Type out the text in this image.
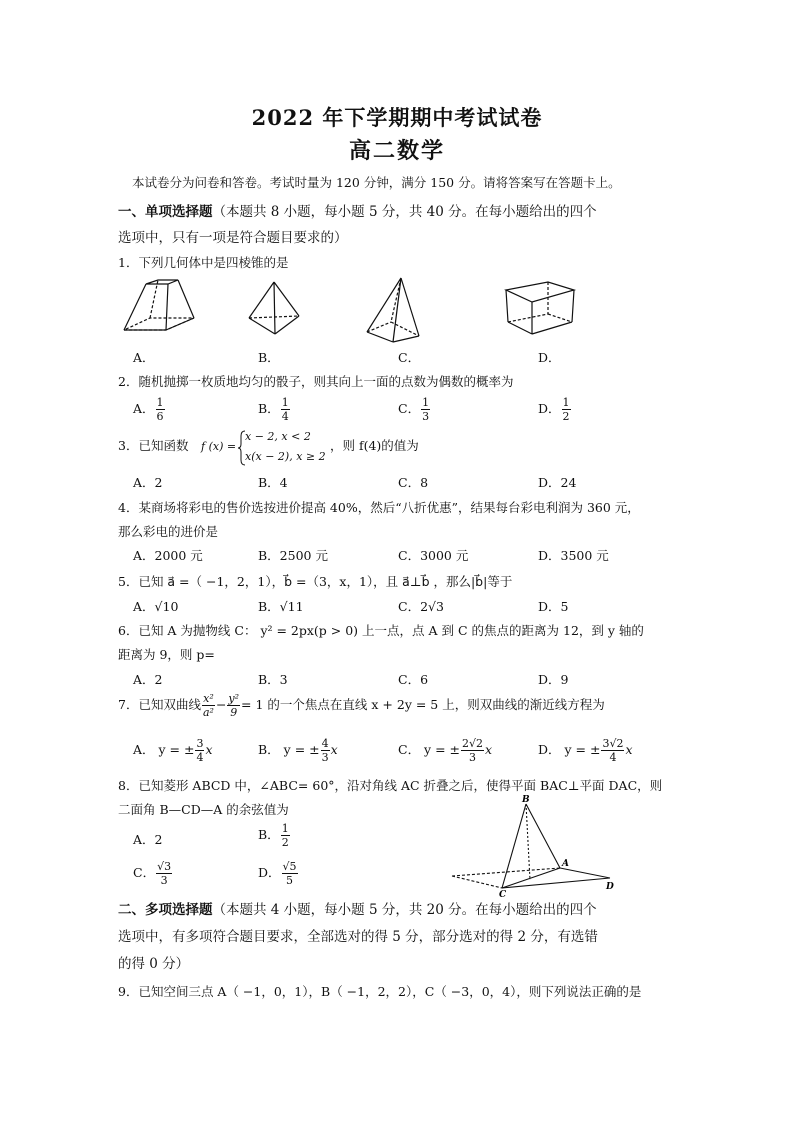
2022 年下学期期中考试试卷
高二数学
本试卷分为问卷和答卷。考试时量为 120 分钟，满分 150 分。请将答案写在答题卡上。
一、单项选择题（本题共 8 小题，每小题 5 分，共 40 分。在每小题给出的四个
选项中，只有一项是符合题目要求的）
1．下列几何体中是四棱锥的是
A．	B．	C．	D．
2．随机抛掷一枚质地均匀的骰子，则其向上一面的点数为偶数的概率为
A． $\frac{1}{6}$	B． $\frac{1}{4}$	C． $\frac{1}{3}$	D． $\frac{1}{2}$
3．已知函数 f (x) =
x − 2, x < 2
x(x − 2), x ≥ 2
，则 f(4)的值为
A．2	B．4	C．8	D．24
4．某商场将彩电的售价选按进价提高 40%，然后“八折优惠”，结果每台彩电利润为 360 元，
那么彩电的进价是
A．2000 元	B．2500 元	C．3000 元	D．3500 元
5．已知 a⃗ =（ −1，2，1），b⃗ =（3，x，1），且 a⃗⊥b⃗ ，那么|b⃗|等于
A．√10	B．√11	C．2√3	D．5
6．已知 A 为抛物线 C： y² = 2px(p > 0) 上一点，点 A 到 C 的焦点的距离为 12，到 y 轴的
距离为 9，则 p=
A．2	B．3	C．6	D．9
7．已知双曲线 $\frac{\text{x²}}{\text{a²}} - \frac{\text{y²}}{9} = 1$ 的一个焦点在直线 x + 2y = 5 上，则双曲线的渐近线方程为
A． y = ± $\frac{3}{4}$ x	B． y = ± $\frac{4}{3}$ x	C． y = ± $\frac{2√2}{3}$ x	D． y = ± $\frac{3√2}{4}$ x
8．已知菱形 ABCD 中，∠ABC= 60°，沿对角线 AC 折叠之后，使得平面 BAC⊥平面 DAC，则
二面角 B—CD—A 的余弦值为
A．2	B． $\frac{1}{2}$
C． $\frac{√3}{3}$	D． $\frac{√5}{5}$
B
A
C
D
二、多项选择题（本题共 4 小题，每小题 5 分，共 20 分。在每小题给出的四个
选项中，有多项符合题目要求，全部选对的得 5 分，部分选对的得 2 分，有选错
的得 0 分）
9．已知空间三点 A（ −1，0，1），B（ −1，2，2），C（ −3，0，4），则下列说法正确的是
